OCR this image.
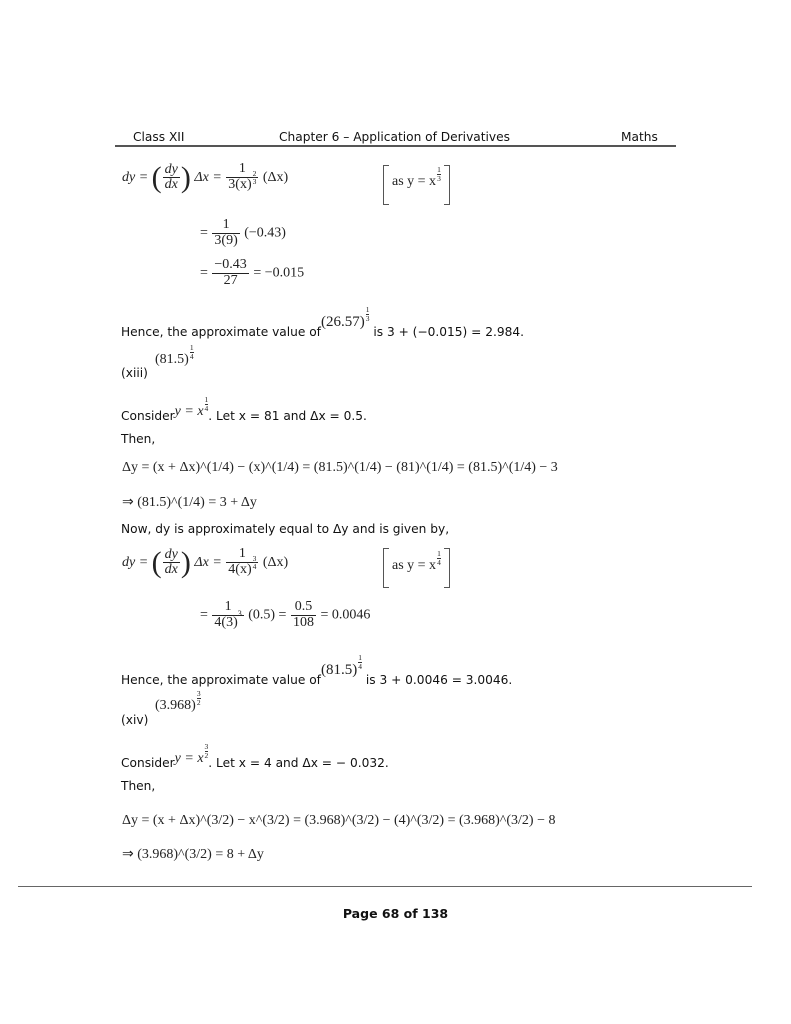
Class XII	Chapter 6 – Application of Derivatives	Maths
dy = ( $\frac{dy}{dx}$ ) $\Delta x = \frac{1}{3(x) \frac{2}{3}} (\Delta x)$	as y = x $\frac{1}{3}$
= $\frac{1}{3(9)} (-0.43)$
= $\frac{-0.43}{27} = -0.015$
Hence, the approximate value $of(26.57) \frac{1}{3}$
is 3 + (−0.015) = 2.984.
(xiii)
$(81.5) \frac{1}{4}$
Considery = x $\frac{1}{4}$
. Let x = 81 and Δx = 0.5.
Then,
Δy = (x + Δx)^(1/4) − (x)^(1/4) = (81.5)^(1/4) − (81)^(1/4) = (81.5)^(1/4) − 3
⇒ (81.5)^(1/4) = 3 + Δy
Now, dy is approximately equal to Δy and is given by,
dy = ( $\frac{dy}{dx}$ ) $\Delta x = \frac{1}{4(x) \frac{3}{4}} (\Delta x)$	as y = x $\frac{1}{4}$
= $\frac{1}{4(3)^3} (0.5) = \frac{0.5}{108} = 0.0046$
Hence, the approximate value $of(81.5) \frac{1}{4}$
is 3 + 0.0046 = 3.0046.
(xiv)
$(3.968) \frac{3}{2}$
Considery = x $\frac{3}{2}$
. Let x = 4 and Δx = − 0.032.
Then,
Δy = (x + Δx)^(3/2) − x^(3/2) = (3.968)^(3/2) − (4)^(3/2) = (3.968)^(3/2) − 8
⇒ (3.968)^(3/2) = 8 + Δy
Page 68 of 138
